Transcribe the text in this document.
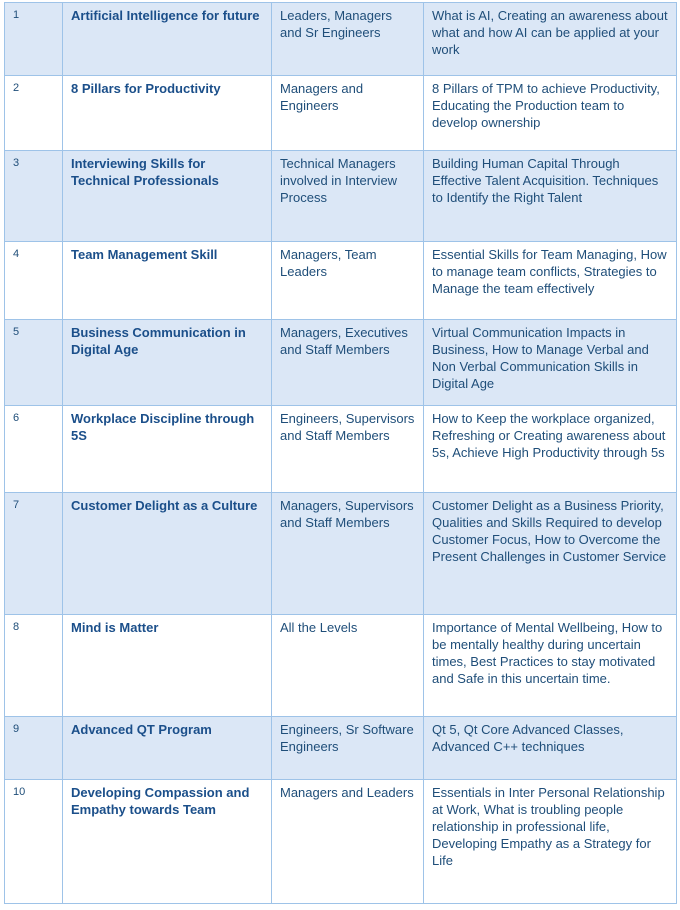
1	Artificial Intelligence for future	Leaders, Managers and Sr Engineers	What is AI, Creating an awareness about what and how AI can be applied at your work
2	8 Pillars for Productivity	Managers and Engineers	8 Pillars of TPM to achieve Productivity, Educating the Production team to develop ownership
3	Interviewing Skills for Technical Professionals	Technical Managers involved in Interview Process	Building Human Capital Through Effective Talent Acquisition. Techniques to Identify the Right Talent
4	Team Management Skill	Managers, Team Leaders	Essential Skills for Team Managing, How to manage team conflicts, Strategies to Manage the team effectively
5	Business Communication in Digital Age	Managers, Executives and Staff Members	Virtual Communication Impacts in Business, How to Manage Verbal and Non Verbal Communication Skills in Digital Age
6	Workplace Discipline through 5S	Engineers, Supervisors and Staff Members	How to Keep the workplace organized, Refreshing or Creating awareness about 5s, Achieve High Productivity through 5s
7	Customer Delight as a Culture	Managers, Supervisors and Staff Members	Customer Delight as a Business Priority, Qualities and Skills Required to develop Customer Focus, How to Overcome the Present Challenges in Customer Service
8	Mind is Matter	All the Levels	Importance of Mental Wellbeing, How to be mentally healthy during uncertain times, Best Practices to stay motivated and Safe in this uncertain time.
9	Advanced QT Program	Engineers, Sr Software Engineers	Qt 5, Qt Core Advanced Classes, Advanced C++ techniques
10	Developing Compassion and Empathy towards Team	Managers and Leaders	Essentials in Inter Personal Relationship at Work, What is troubling people relationship in professional life, Developing Empathy as a Strategy for Life
